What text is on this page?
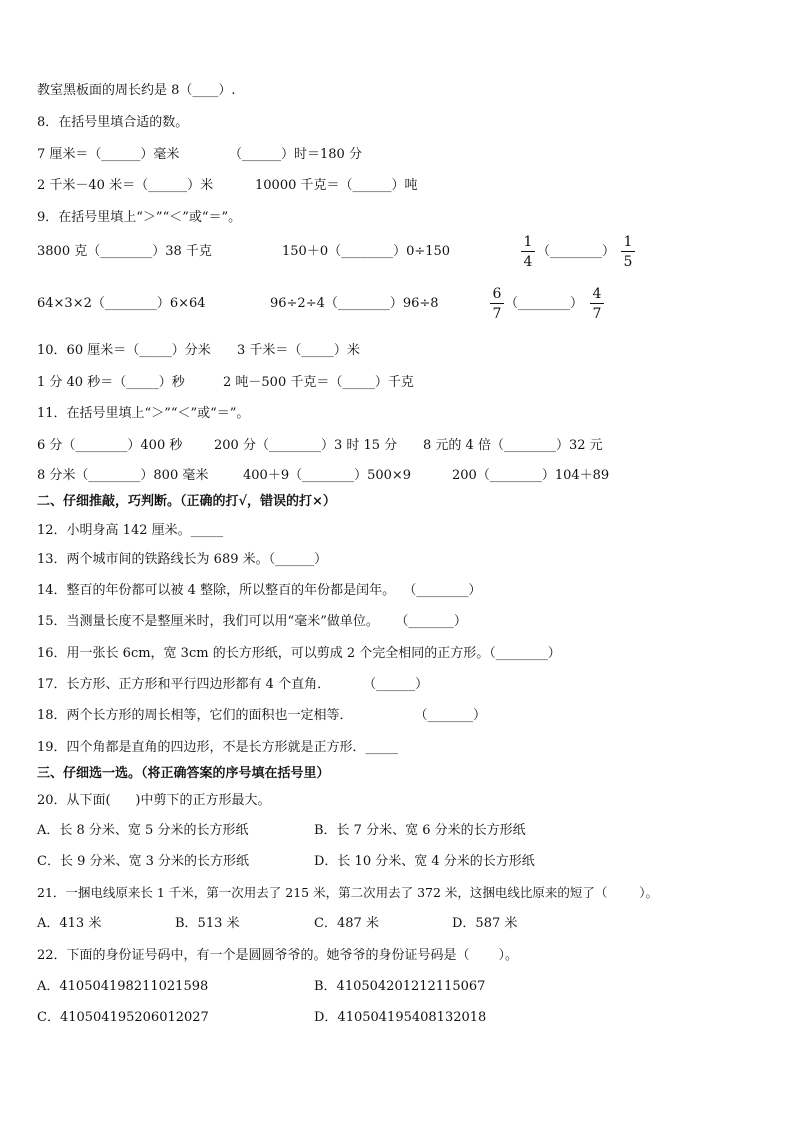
教室黑板面的周长约是 8（____）.
8．在括号里填合适的数。
7 厘米＝（______）毫米	（______）时＝180 分
2 千米－40 米＝（______）米	10000 千克＝（______）吨
9．在括号里填上“＞”“＜”或“＝”。
3800 克（________）38 千克	150＋0（________）0÷150	$\frac{1}{4}$ （________） $\frac{1}{5}$
64×3×2（________）6×64	96÷2÷4（________）96÷8	$\frac{6}{7}$ （________） $\frac{4}{7}$
10．60 厘米＝（_____）分米 3 千米＝（_____）米
1 分 40 秒＝（_____）秒	2 吨－500 千克＝（_____）千克
11．在括号里填上“＞”“＜”或“＝”。
6 分（________）400 秒 200 分（________）3 时 15 分 8 元的 4 倍（________）32 元
8 分米（________）800 毫米	400＋9（________）500×9	200（________）104＋89
二、仔细推敲，巧判断。（正确的打√，错误的打×）
12．小明身高 142 厘米。_____
13．两个城市间的铁路线长为 689 米。（______）
14．整百的年份都可以被 4 整除，所以整百的年份都是闰年。  （________）
15．当测量长度不是整厘米时，我们可以用“毫米”做单位。    （_______）
16．用一张长 6cm，宽 3cm 的长方形纸，可以剪成 2 个完全相同的正方形。（________）
17．长方形、正方形和平行四边形都有 4 个直角．        （______）
18．两个长方形的周长相等，它们的面积也一定相等．               （_______）
19．四个角都是直角的四边形，不是长方形就是正方形．_____
三、仔细选一选。（将正确答案的序号填在括号里）
20．从下面(      )中剪下的正方形最大。
A．长 8 分米、宽 5 分米的长方形纸	B．长 7 分米、宽 6 分米的长方形纸
C．长 9 分米、宽 3 分米的长方形纸	D．长 10 分米、宽 4 分米的长方形纸
21．一捆电线原来长 1 千米，第一次用去了 215 米，第二次用去了 372 米，这捆电线比原来的短了（        ）。
A．413 米	B．513 米	C．487 米	D．587 米
22．下面的身份证号码中，有一个是圆圆爷爷的。她爷爷的身份证号码是（       ）。
A．410504198211021598	B．410504201212115067
C．410504195206012027	D．410504195408132018
